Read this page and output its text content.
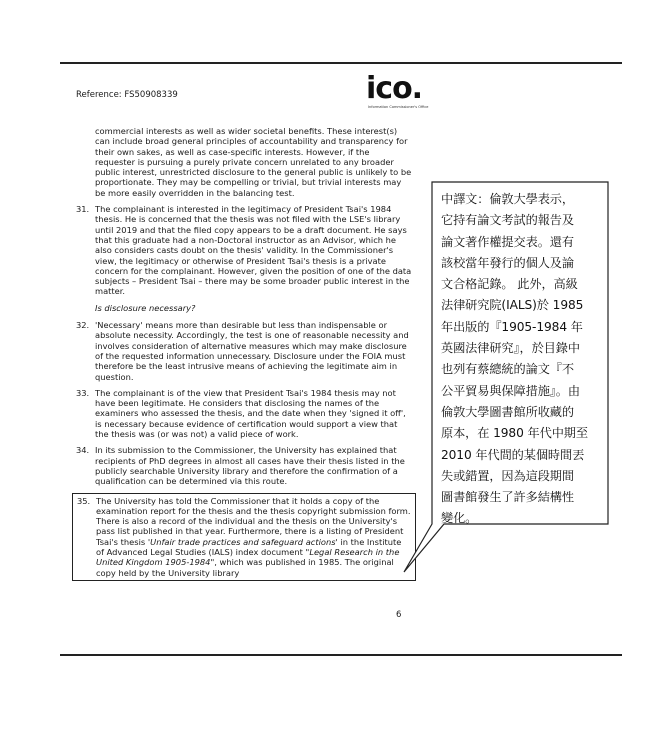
Reference: FS50908339	ico.
Information Commissioner's Office
commercial interests as well as wider societal benefits. These interest(s) can include broad general principles of accountability and transparency for their own sakes, as well as case-specific interests. However, if the requester is pursuing a purely private concern unrelated to any broader public interest, unrestricted disclosure to the general public is unlikely to be proportionate. They may be compelling or trivial, but trivial interests may be more easily overridden in the balancing test.
31. The complainant is interested in the legitimacy of President Tsai's 1984 thesis. He is concerned that the thesis was not filed with the LSE's library until 2019 and that the filed copy appears to be a draft document. He says that this graduate had a non-Doctoral instructor as an Advisor, which he also considers casts doubt on the thesis' validity. In the Commissioner's view, the legitimacy or otherwise of President Tsai's thesis is a private concern for the complainant. However, given the position of one of the data subjects – President Tsai – there may be some broader public interest in the matter.
Is disclosure necessary?
32. 'Necessary' means more than desirable but less than indispensable or absolute necessity. Accordingly, the test is one of reasonable necessity and involves consideration of alternative measures which may make disclosure of the requested information unnecessary. Disclosure under the FOIA must therefore be the least intrusive means of achieving the legitimate aim in question.
33. The complainant is of the view that President Tsai's 1984 thesis may not have been legitimate. He considers that disclosing the names of the examiners who assessed the thesis, and the date when they 'signed it off', is necessary because evidence of certification would support a view that the thesis was (or was not) a valid piece of work.
34. In its submission to the Commissioner, the University has explained that recipients of PhD degrees in almost all cases have their thesis listed in the publicly searchable University library and therefore the confirmation of a qualification can be determined via this route.
35. The University has told the Commissioner that it holds a copy of the examination report for the thesis and the thesis copyright submission form. There is also a record of the individual and the thesis on the University's pass list published in that year. Furthermore, there is a listing of President Tsai's thesis 'Unfair trade practices and safeguard actions' in the Institute of Advanced Legal Studies (IALS) index document "Legal Research in the United Kingdom 1905-1984", which was published in 1985. The original copy held by the University library
6
中譯文：倫敦大學表示，
它持有論文考試的報告及
論文著作權提交表。還有
該校當年發行的個人及論
文合格記錄。 此外，高級
法律研究院(IALS)於 1985
年出版的『1905-1984 年
英國法律研究』，於目錄中
也列有蔡總統的論文『不
公平貿易與保障措施』。由
倫敦大學圖書館所收藏的
原本，在 1980 年代中期至
2010 年代間的某個時間丟
失或錯置，因為這段期間
圖書館發生了許多結構性
變化。
